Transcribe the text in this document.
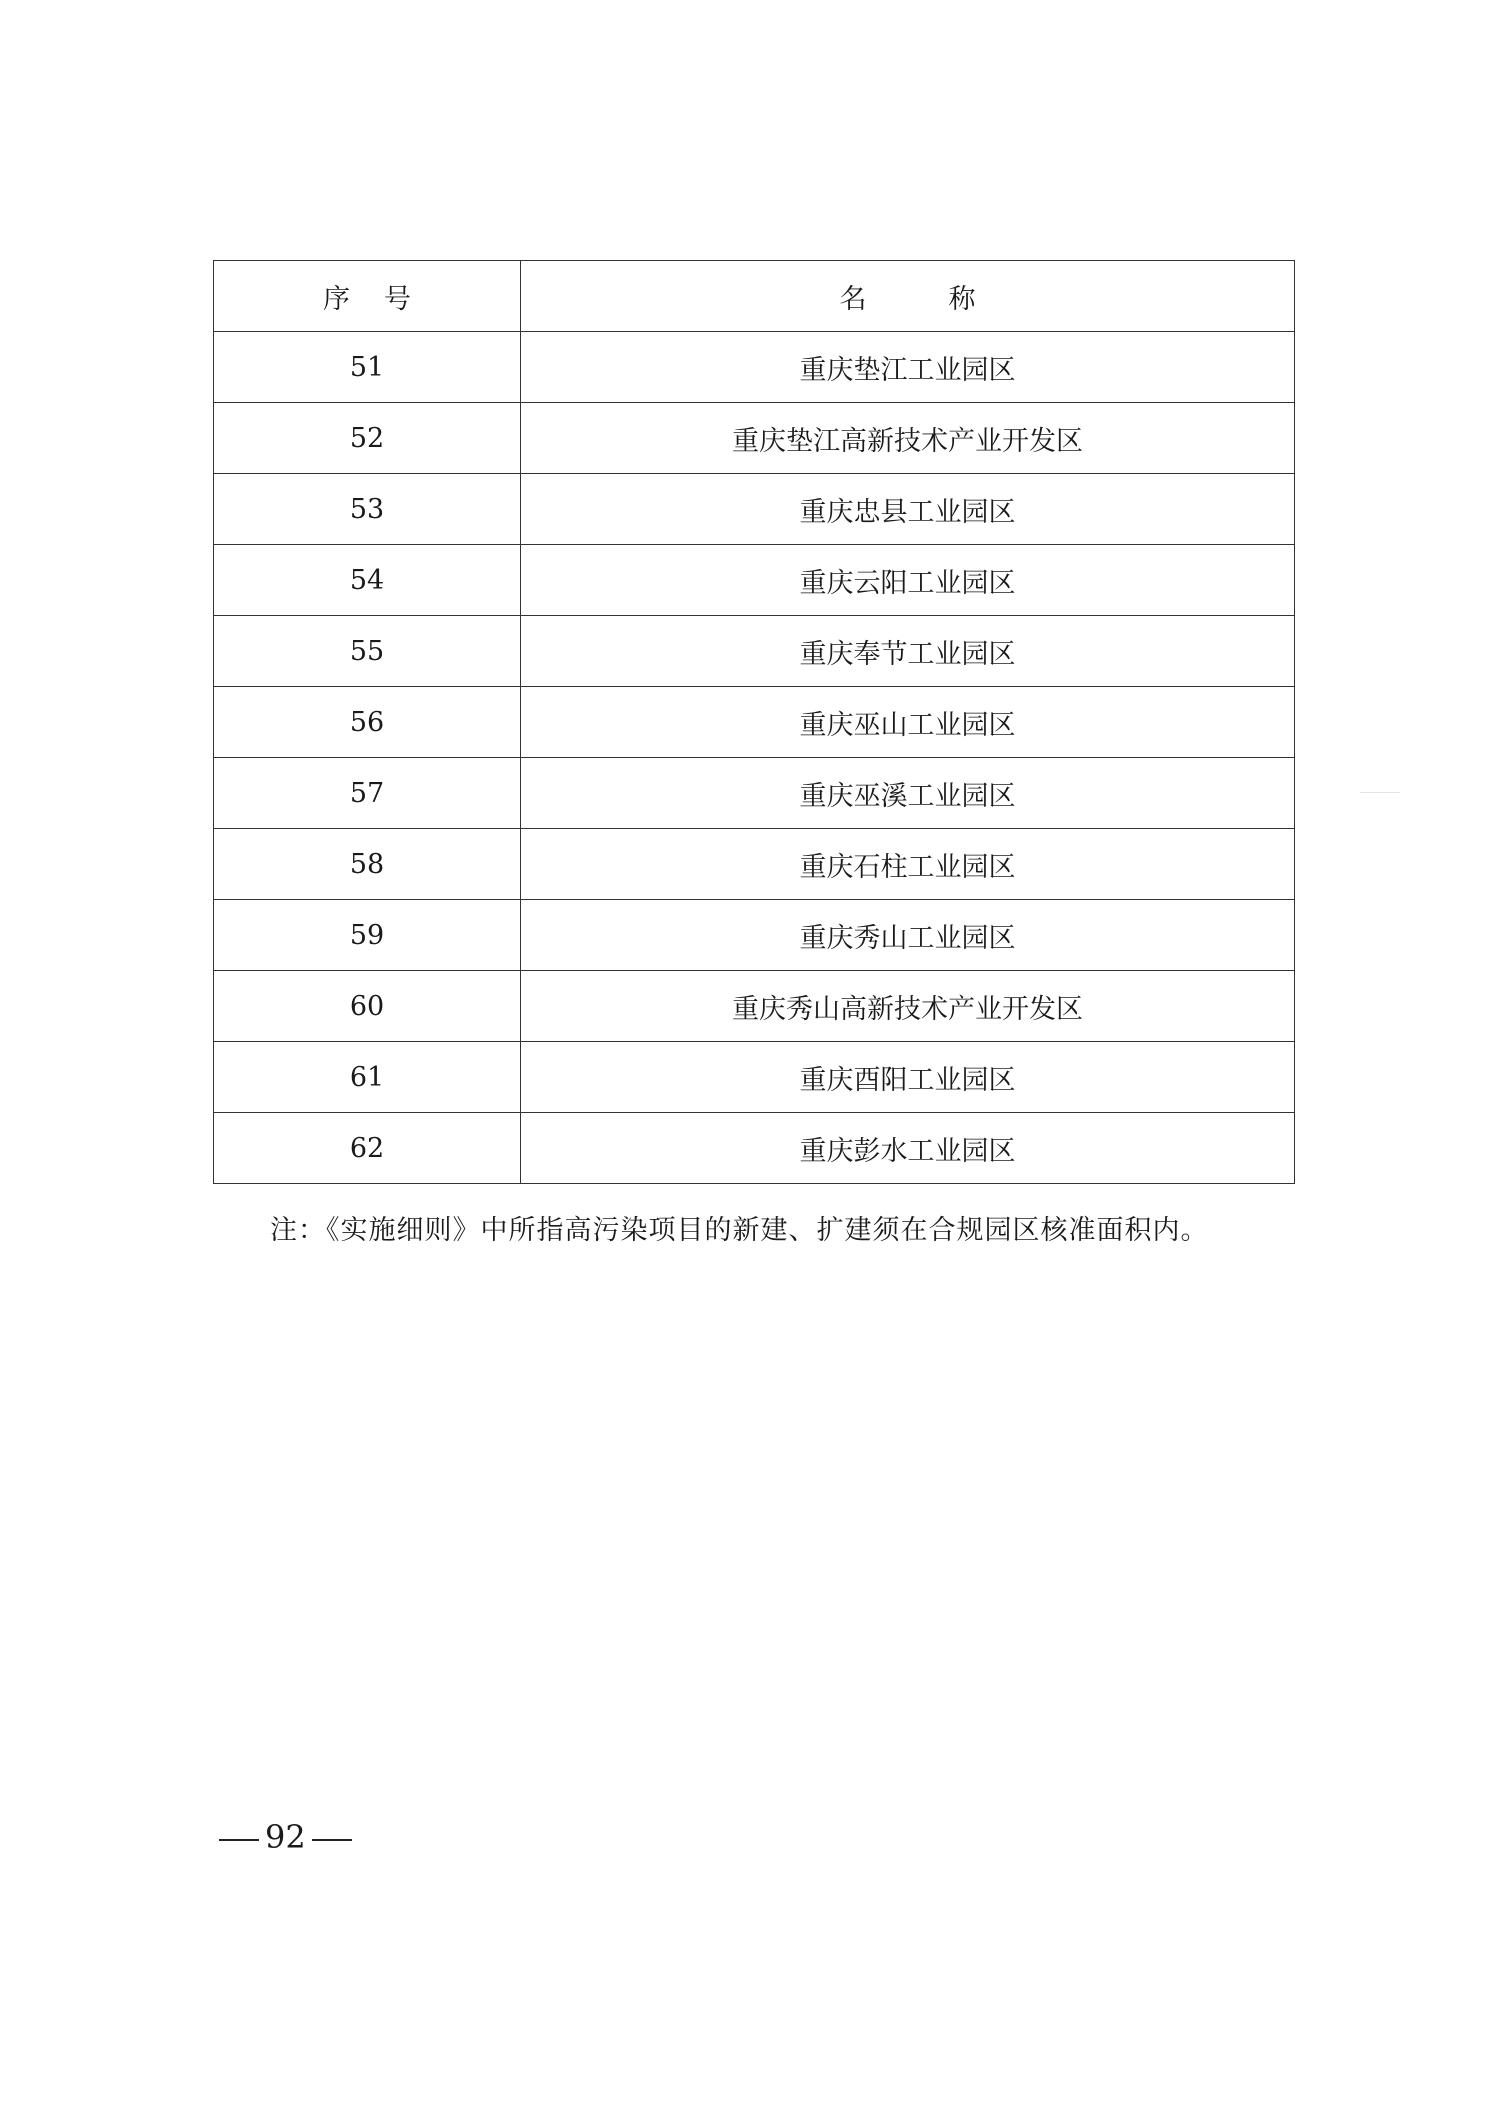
序 号	名 称
51	重庆垫江工业园区
52	重庆垫江高新技术产业开发区
53	重庆忠县工业园区
54	重庆云阳工业园区
55	重庆奉节工业园区
56	重庆巫山工业园区
57	重庆巫溪工业园区
58	重庆石柱工业园区
59	重庆秀山工业园区
60	重庆秀山高新技术产业开发区
61	重庆酉阳工业园区
62	重庆彭水工业园区
注：《实施细则》中所指高污染项目的新建、扩建须在合规园区核准面积内。
92
